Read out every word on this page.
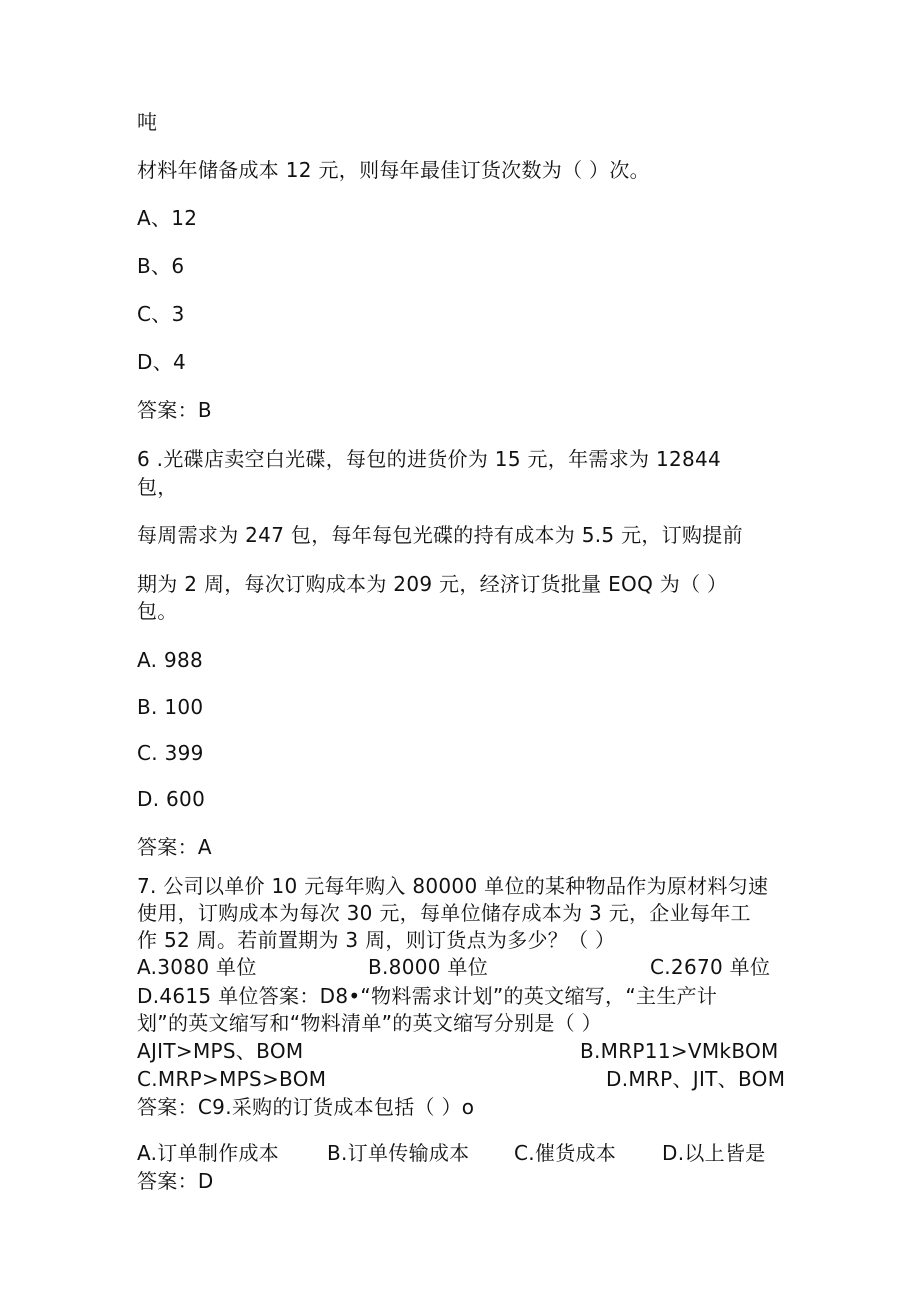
吨
材料年储备成本 12 元，则每年最佳订货次数为（ ）次。
A、12
B、6
C、3
D、4
答案：B
6 .光碟店卖空白光碟，每包的进货价为 15 元，年需求为 12844
包，
每周需求为 247 包，每年每包光碟的持有成本为 5.5 元，订购提前
期为 2 周，每次订购成本为 209 元，经济订货批量 EOQ 为（ ）
包。
A. 988
B. 100
C. 399
D. 600
答案：A
7. 公司以单价 10 元每年购入 80000 单位的某种物品作为原材料匀速
使用，订购成本为每次 30 元，每单位储存成本为 3 元，企业每年工
作 52 周。若前置期为 3 周，则订货点为多少？（ ）
A.3080 单位	B.8000 单位	C.2670 单位
D.4615 单位答案：D8•“物料需求计划”的英文缩写，“主生产计
划”的英文缩写和“物料清单”的英文缩写分别是（ ）
AJIT>MPS、BOM	B.MRP11>VMkBOM
C.MRP>MPS>BOM	D.MRP、JIT、BOM
答案：C9.采购的订货成本包括（ ）o
A.订单制作成本 B.订单传输成本 C.催货成本 D.以上皆是
答案：D
